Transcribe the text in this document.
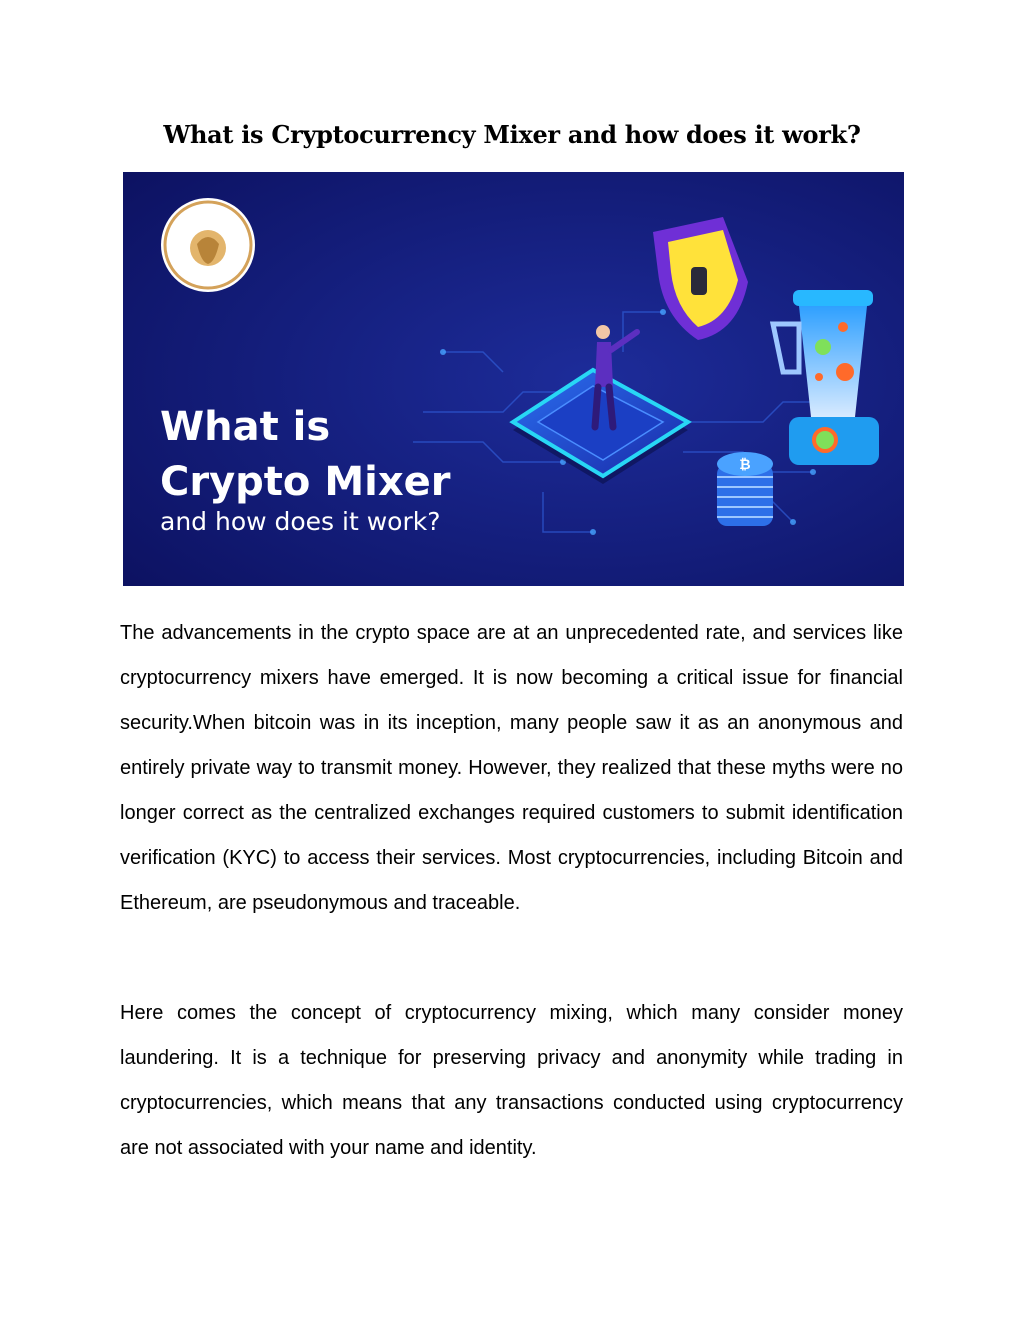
What is Cryptocurrency Mixer and how does it work?
₿
What is
Crypto Mixer
and how does it work?

The advancements in the crypto space are at an unprecedented rate, and services like cryptocurrency mixers have emerged. It is now becoming a critical issue for financial security.When bitcoin was in its inception, many people saw it as an anonymous and entirely private way to transmit money. However, they realized that these myths were no longer correct as the centralized exchanges required customers to submit identification verification (KYC) to access their services. Most cryptocurrencies, including Bitcoin and Ethereum, are pseudonymous and traceable.

Here comes the concept of cryptocurrency mixing, which many consider money laundering. It is a technique for preserving privacy and anonymity while trading in cryptocurrencies, which means that any transactions conducted using cryptocurrency are not associated with your name and identity.
